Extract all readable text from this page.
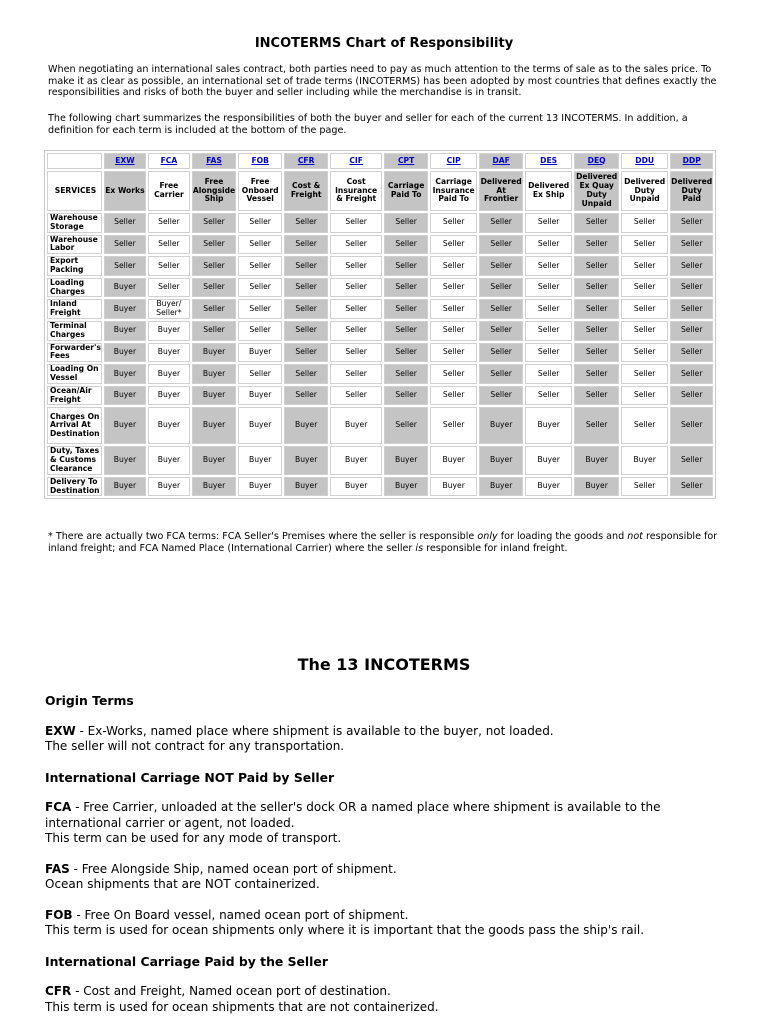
INCOTERMS Chart of Responsibility
When negotiating an international sales contract, both parties need to pay as much attention to the terms of sale as to the sales price. To make it as clear as possible, an international set of trade terms (INCOTERMS) has been adopted by most countries that defines exactly the responsibilities and risks of both the buyer and seller including while the merchandise is in transit.
The following chart summarizes the responsibilities of both the buyer and seller for each of the current 13 INCOTERMS. In addition, a definition for each term is included at the bottom of the page.
	EXW	FCA	FAS	FOB	CFR	CIF	CPT	CIP	DAF	DES	DEQ	DDU	DDP
SERVICES	Ex Works	Free Carrier	Free Alongside Ship	Free Onboard Vessel	Cost & Freight	Cost Insurance & Freight	Carriage Paid To	Carriage Insurance Paid To	Delivered At Frontier	Delivered Ex Ship	Delivered Ex Quay Duty Unpaid	Delivered Duty Unpaid	Delivered Duty Paid
Warehouse Storage	Seller	Seller	Seller	Seller	Seller	Seller	Seller	Seller	Seller	Seller	Seller	Seller	Seller
Warehouse Labor	Seller	Seller	Seller	Seller	Seller	Seller	Seller	Seller	Seller	Seller	Seller	Seller	Seller
Export Packing	Seller	Seller	Seller	Seller	Seller	Seller	Seller	Seller	Seller	Seller	Seller	Seller	Seller
Loading Charges	Buyer	Seller	Seller	Seller	Seller	Seller	Seller	Seller	Seller	Seller	Seller	Seller	Seller
Inland Freight	Buyer	Buyer/ Seller*	Seller	Seller	Seller	Seller	Seller	Seller	Seller	Seller	Seller	Seller	Seller
Terminal Charges	Buyer	Buyer	Seller	Seller	Seller	Seller	Seller	Seller	Seller	Seller	Seller	Seller	Seller
Forwarder's Fees	Buyer	Buyer	Buyer	Buyer	Seller	Seller	Seller	Seller	Seller	Seller	Seller	Seller	Seller
Loading On Vessel	Buyer	Buyer	Buyer	Seller	Seller	Seller	Seller	Seller	Seller	Seller	Seller	Seller	Seller
Ocean/Air Freight	Buyer	Buyer	Buyer	Buyer	Seller	Seller	Seller	Seller	Seller	Seller	Seller	Seller	Seller
Charges On Arrival At Destination	Buyer	Buyer	Buyer	Buyer	Buyer	Buyer	Seller	Seller	Buyer	Buyer	Seller	Seller	Seller
Duty, Taxes & Customs Clearance	Buyer	Buyer	Buyer	Buyer	Buyer	Buyer	Buyer	Buyer	Buyer	Buyer	Buyer	Buyer	Seller
Delivery To Destination	Buyer	Buyer	Buyer	Buyer	Buyer	Buyer	Buyer	Buyer	Buyer	Buyer	Buyer	Seller	Seller
* There are actually two FCA terms: FCA Seller's Premises where the seller is responsible only for loading the goods and not responsible for inland freight; and FCA Named Place (International Carrier) where the seller is responsible for inland freight.
The 13 INCOTERMS

Origin Terms

EXW - Ex-Works, named place where shipment is available to the buyer, not loaded.

The seller will not contract for any transportation.

International Carriage NOT Paid by Seller

FCA - Free Carrier, unloaded at the seller's dock OR a named place where shipment is available to the international carrier or agent, not loaded.

This term can be used for any mode of transport.

FAS - Free Alongside Ship, named ocean port of shipment.

Ocean shipments that are NOT containerized.

FOB - Free On Board vessel, named ocean port of shipment.

This term is used for ocean shipments only where it is important that the goods pass the ship's rail.

International Carriage Paid by the Seller

CFR - Cost and Freight, Named ocean port of destination.

This term is used for ocean shipments that are not containerized.
